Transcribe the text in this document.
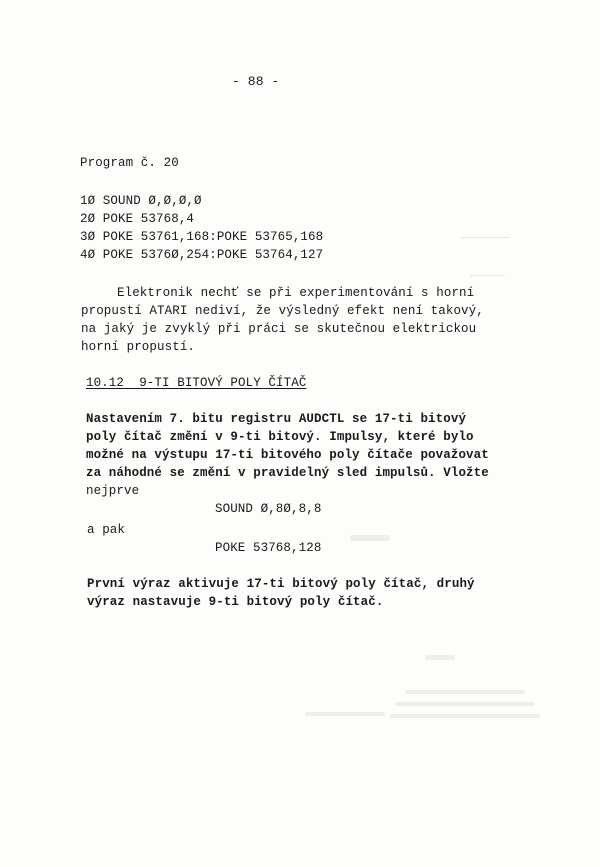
- 88 -
Program č. 20
1Ø SOUND Ø,Ø,Ø,Ø
2Ø POKE 53768,4
3Ø POKE 53761,168:POKE 53765,168
4Ø POKE 5376Ø,254:POKE 53764,127
Elektronik nechť se při experimentování s horní
propustí ATARI nediví, že výsledný efekt není takový,
na jaký je zvyklý při práci se skutečnou elektrickou
horní propustí.
10.12  9-TI BITOVÝ POLY ČÍTAČ
Nastavením 7. bitu registru AUDCTL se 17-ti bitový
poly čítač změní v 9-ti bitový. Impulsy, které bylo
možné na výstupu 17-ti bitového poly čítače považovat
za náhodné se změní v pravidelný sled impulsů. Vložte
nejprve
SOUND Ø,8Ø,8,8
a pak
POKE 53768,128
První výraz aktivuje 17-ti bitový poly čítač, druhý
výraz nastavuje 9-ti bitový poly čítač.
